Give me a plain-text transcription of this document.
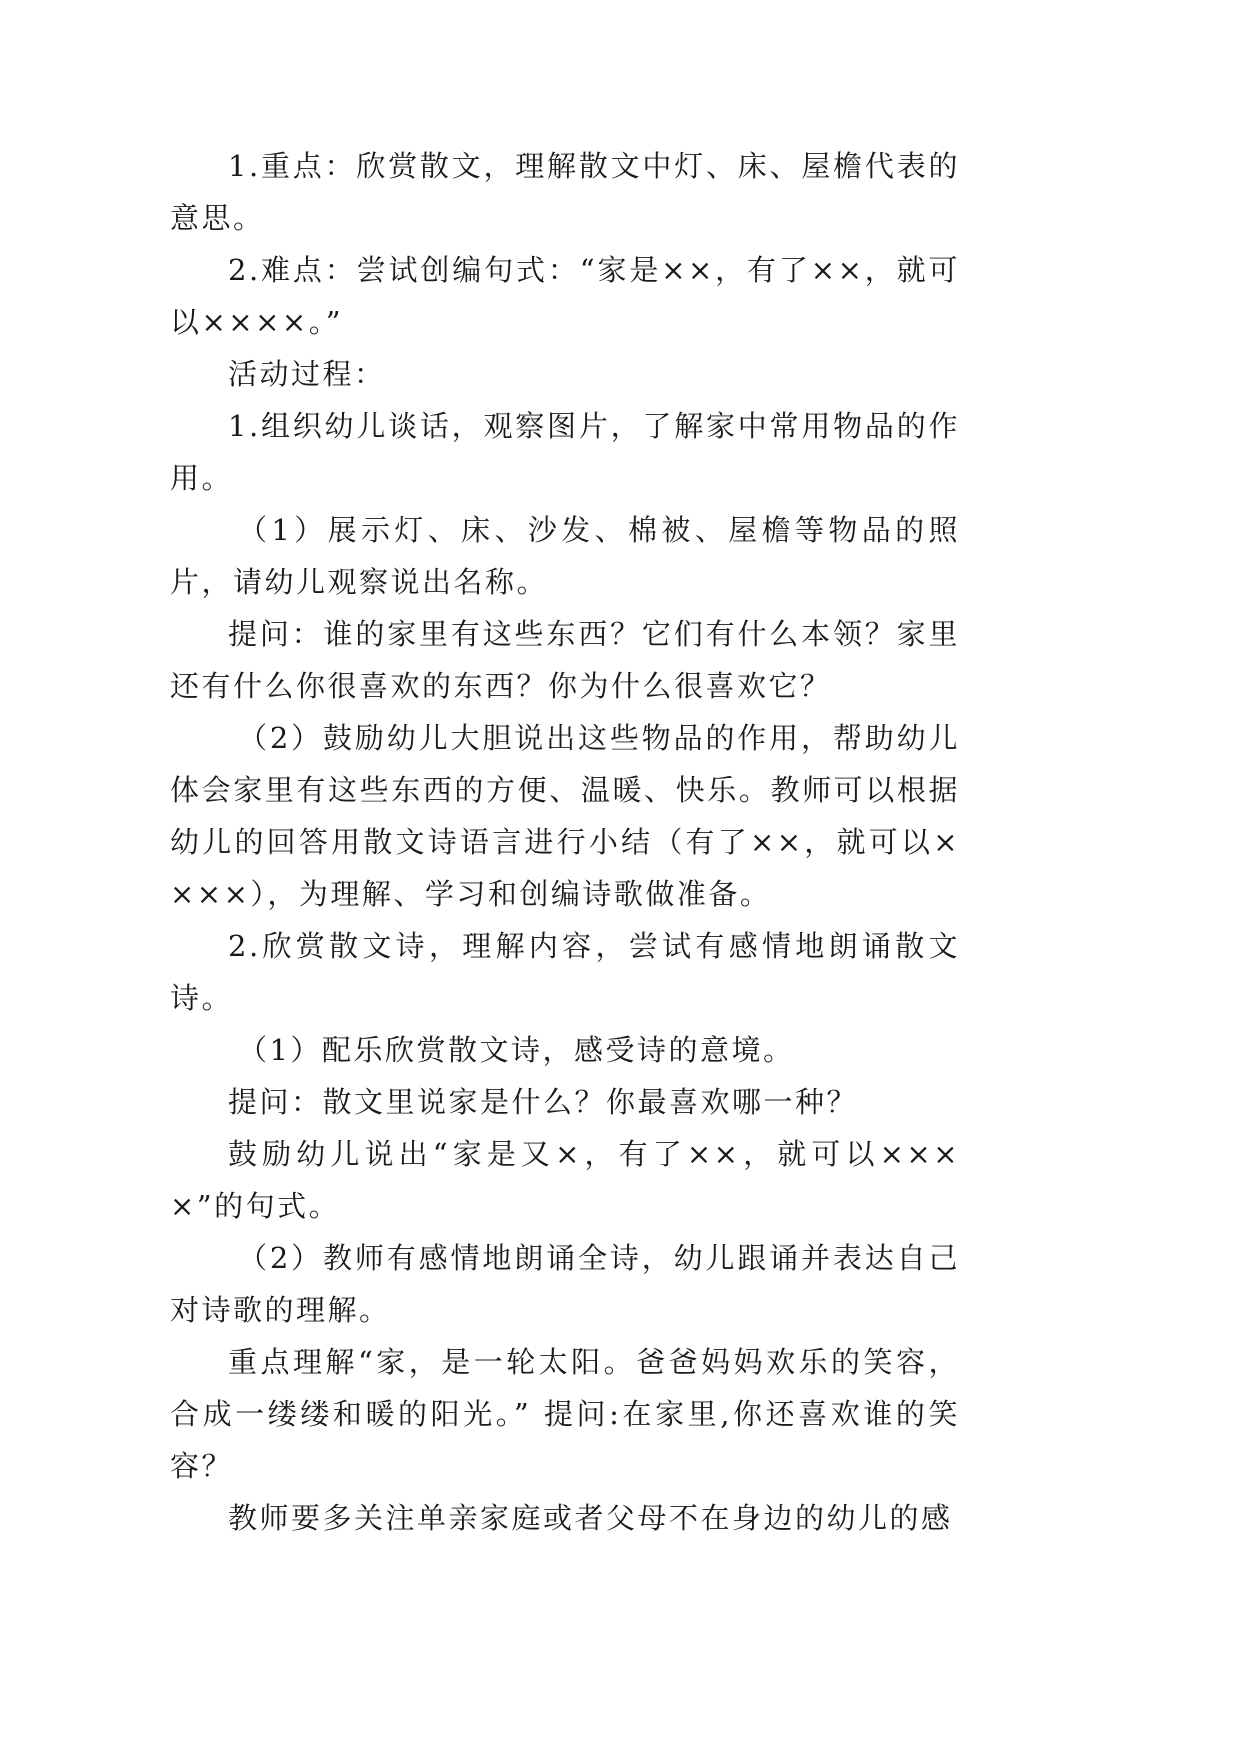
1.重点：欣赏散文，理解散文中灯、床、屋檐代表的意思。

2.难点：尝试创编句式：“家是××，有了××，就可以××××。”

活动过程：

1.组织幼儿谈话，观察图片，了解家中常用物品的作用。

（1）展示灯、床、沙发、棉被、屋檐等物品的照片，请幼儿观察说出名称。

提问：谁的家里有这些东西？它们有什么本领？家里还有什么你很喜欢的东西？你为什么很喜欢它？

（2）鼓励幼儿大胆说出这些物品的作用，帮助幼儿体会家里有这些东西的方便、温暖、快乐。教师可以根据幼儿的回答用散文诗语言进行小结（有了××，就可以××××），为理解、学习和创编诗歌做准备。

2.欣赏散文诗，理解内容，尝试有感情地朗诵散文诗。

（1）配乐欣赏散文诗，感受诗的意境。

提问：散文里说家是什么？你最喜欢哪一种？

鼓励幼儿说出“家是又×，有了××，就可以××××”的句式。

（2）教师有感情地朗诵全诗，幼儿跟诵并表达自己对诗歌的理解。

重点理解“家，是一轮太阳。爸爸妈妈欢乐的笑容，合成一缕缕和暖的阳光。” 提问:在家里,你还喜欢谁的笑容？

教师要多关注单亲家庭或者父母不在身边的幼儿的感
